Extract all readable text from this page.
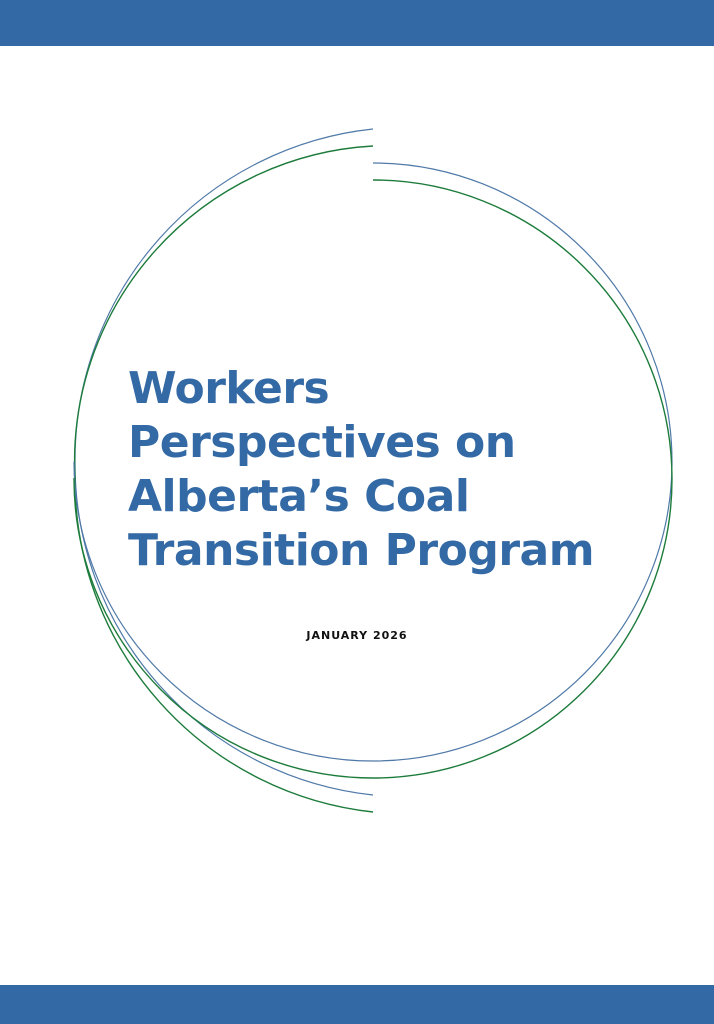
Workers
Perspectives on
Alberta’s Coal
Transition Program
JANUARY 2026
